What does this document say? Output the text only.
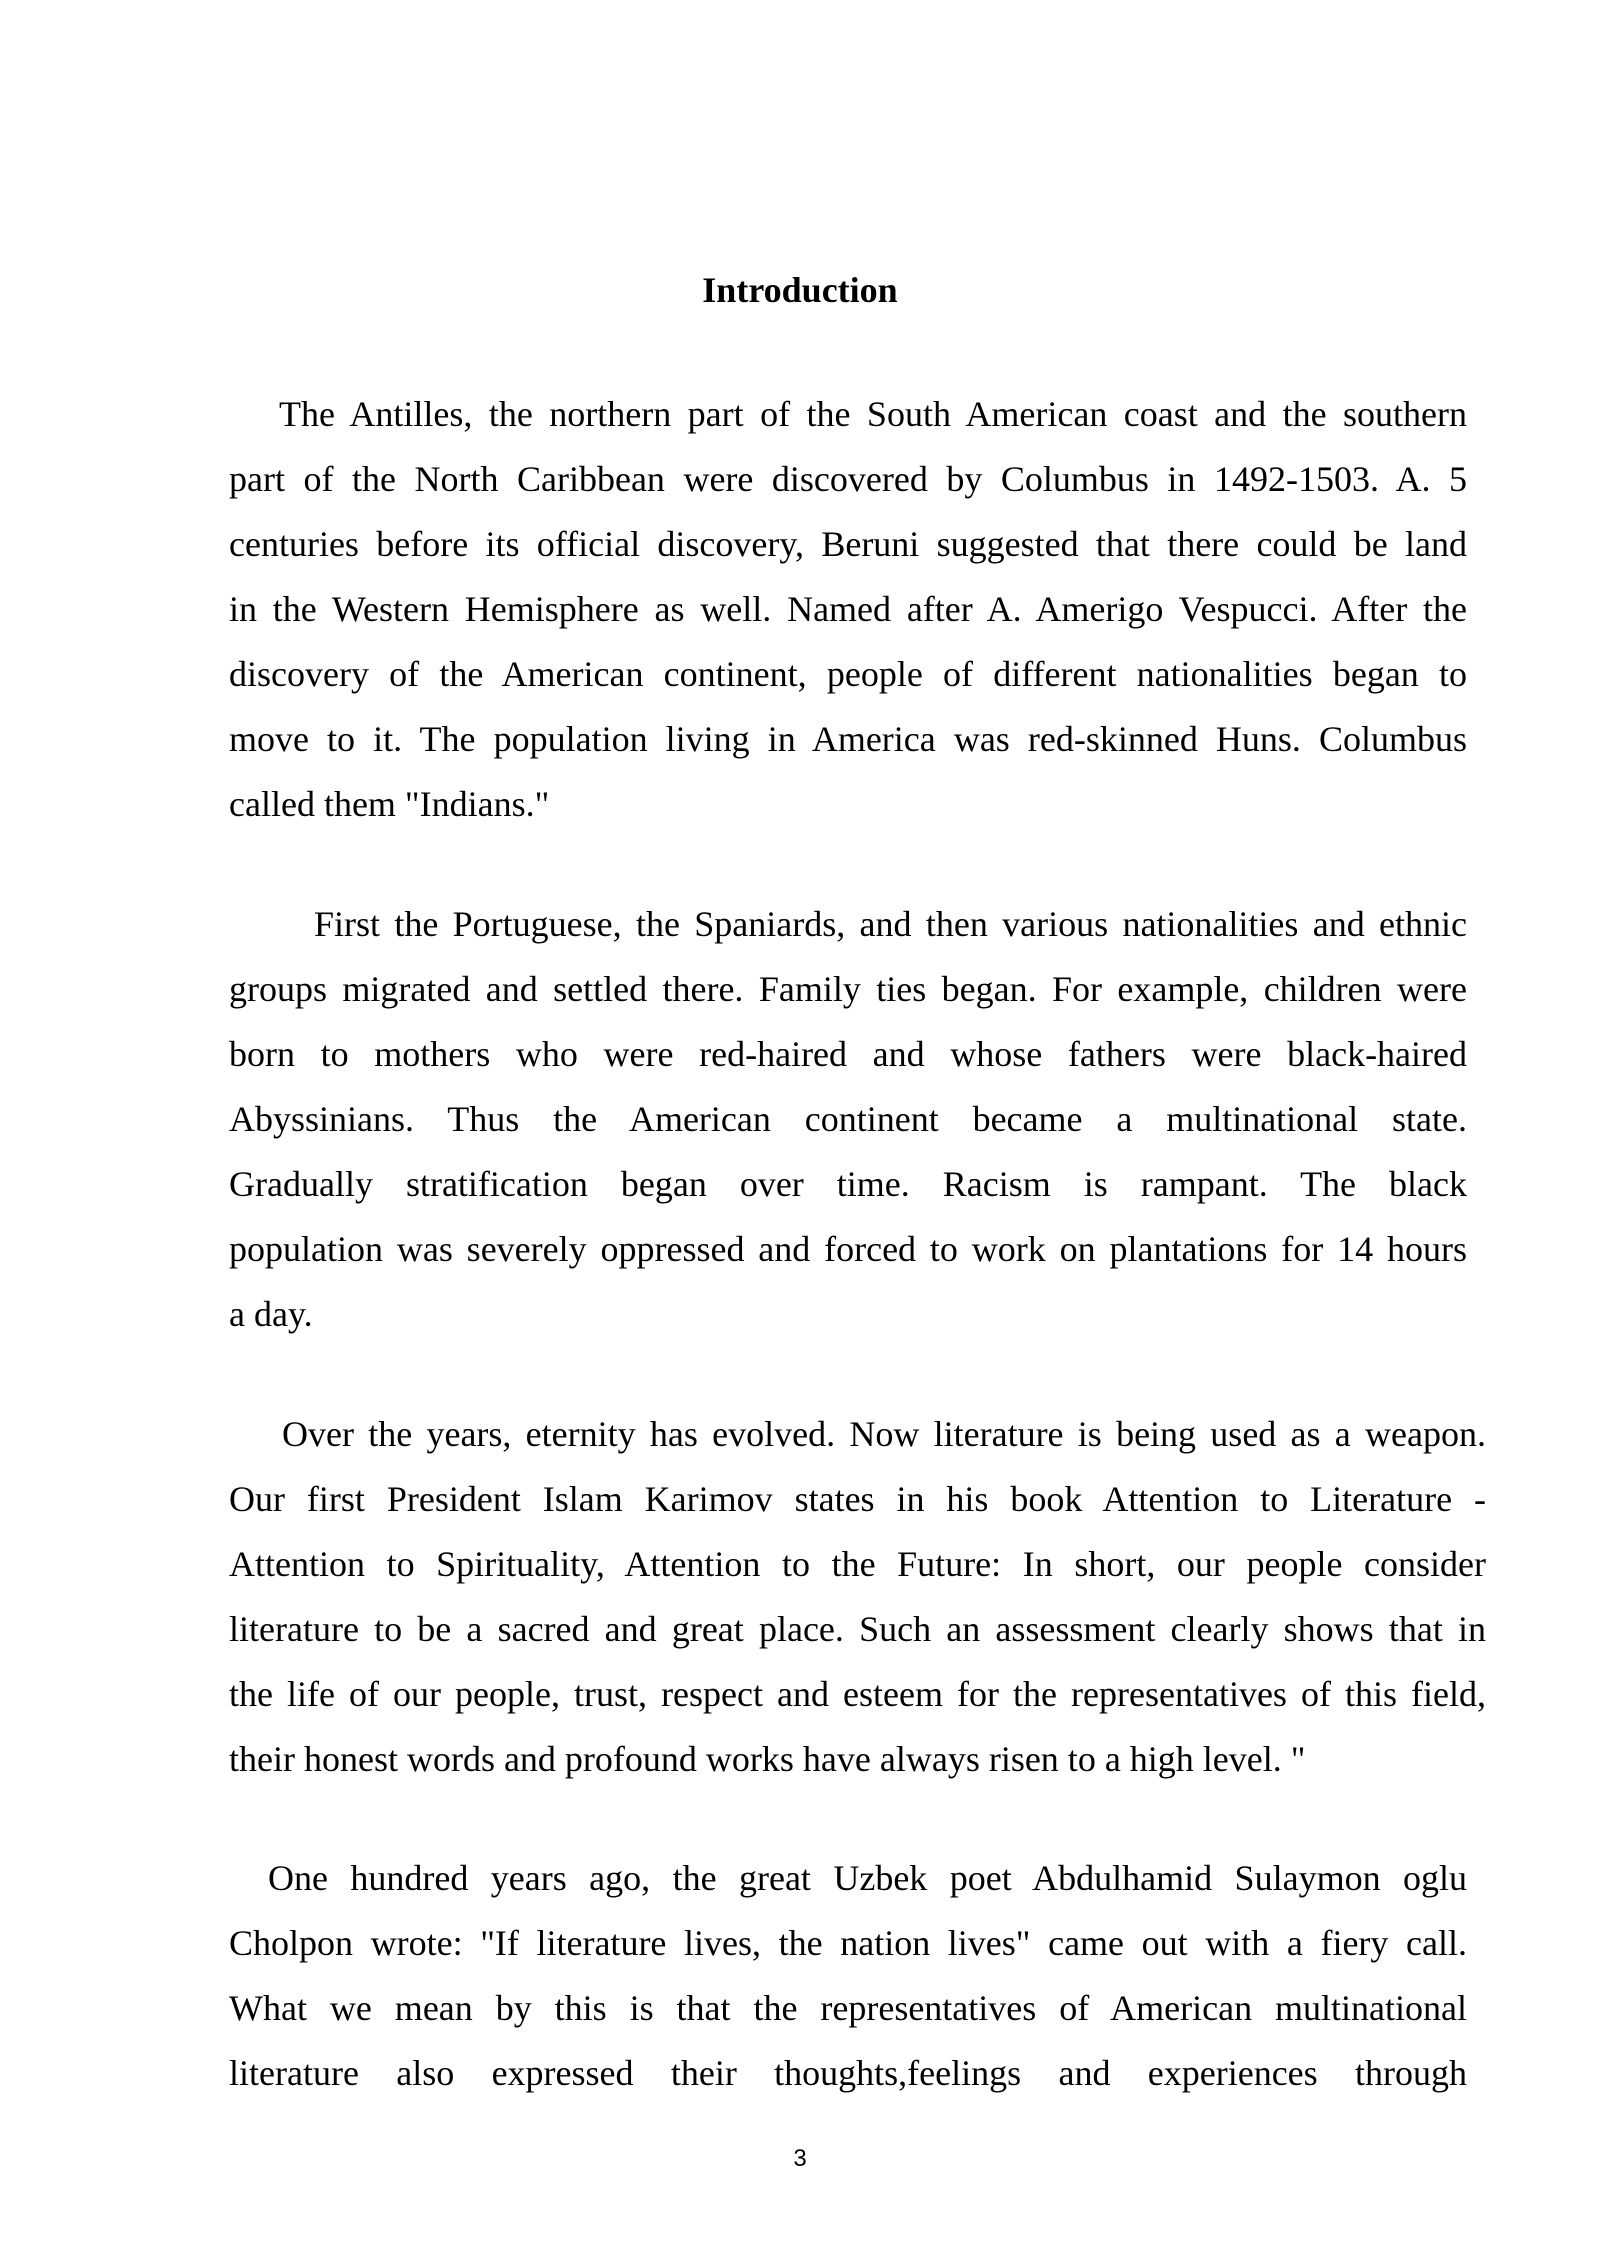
Introduction
The Antilles, the northern part of the South American coast and the southern
part of the North Caribbean were discovered by Columbus in 1492-1503. A. 5
centuries before its official discovery, Beruni suggested that there could be land
in the Western Hemisphere as well. Named after A. Amerigo Vespucci. After the
discovery of the American continent, people of different nationalities began to
move to it. The population living in America was red-skinned Huns. Columbus
called them "Indians."
First the Portuguese, the Spaniards, and then various nationalities and ethnic
groups migrated and settled there. Family ties began. For example, children were
born to mothers who were red-haired and whose fathers were black-haired
Abyssinians. Thus the American continent became a multinational state.
Gradually stratification began over time. Racism is rampant. The black
population was severely oppressed and forced to work on plantations for 14 hours
a day.
Over the years, eternity has evolved. Now literature is being used as a weapon.
Our first President Islam Karimov states in his book Attention to Literature -
Attention to Spirituality, Attention to the Future: In short, our people consider
literature to be a sacred and great place. Such an assessment clearly shows that in
the life of our people, trust, respect and esteem for the representatives of this field,
their honest words and profound works have always risen to a high level. "
One hundred years ago, the great Uzbek poet Abdulhamid Sulaymon oglu
Cholpon wrote: "If literature lives, the nation lives" came out with a fiery call.
What we mean by this is that the representatives of American multinational
literature also expressed their thoughts,feelings and experiences through
3
